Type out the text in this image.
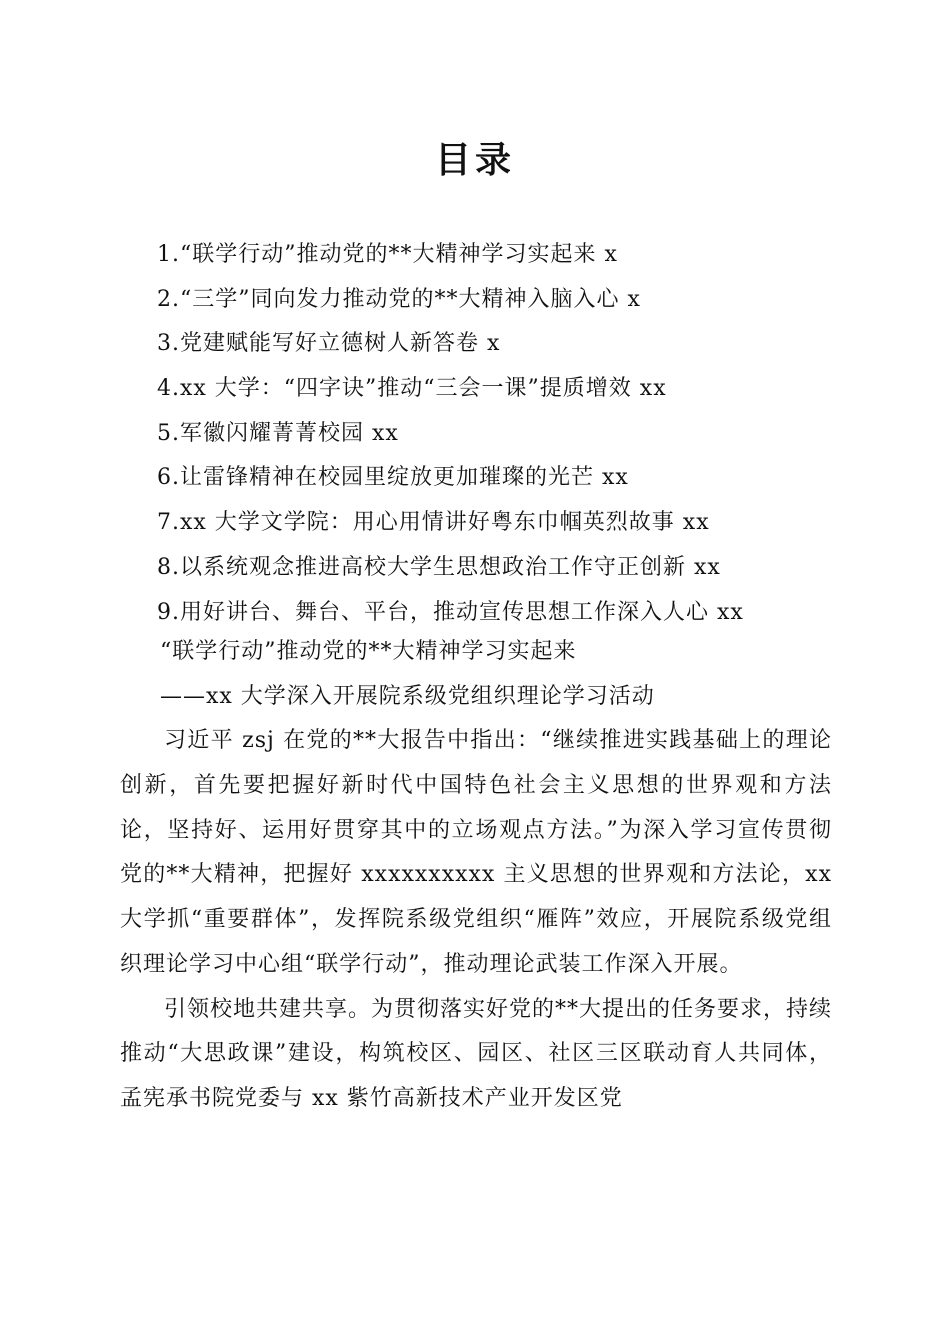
目录
1.“联学行动”推动党的**大精神学习实起来 x
2.“三学”同向发力推动党的**大精神入脑入心 x
3.党建赋能写好立德树人新答卷 x
4.xx 大学：“四字诀”推动“三会一课”提质增效 xx
5.军徽闪耀菁菁校园 xx
6.让雷锋精神在校园里绽放更加璀璨的光芒 xx
7.xx 大学文学院：用心用情讲好粤东巾帼英烈故事 xx
8.以系统观念推进高校大学生思想政治工作守正创新 xx
9.用好讲台、舞台、平台，推动宣传思想工作深入人心 xx
“联学行动”推动党的**大精神学习实起来
——xx 大学深入开展院系级党组织理论学习活动

习近平 zsj 在党的**大报告中指出：“继续推进实践基础上的理论创新，首先要把握好新时代中国特色社会主义思想的世界观和方法论，坚持好、运用好贯穿其中的立场观点方法。”为深入学习宣传贯彻党的**大精神，把握好 xxxxxxxxxx 主义思想的世界观和方法论，xx 大学抓“重要群体”，发挥院系级党组织“雁阵”效应，开展院系级党组织理论学习中心组“联学行动”，推动理论武装工作深入开展。

引领校地共建共享。为贯彻落实好党的**大提出的任务要求，持续推动“大思政课”建设，构筑校区、园区、社区三区联动育人共同体，孟宪承书院党委与 xx 紫竹高新技术产业开发区党
